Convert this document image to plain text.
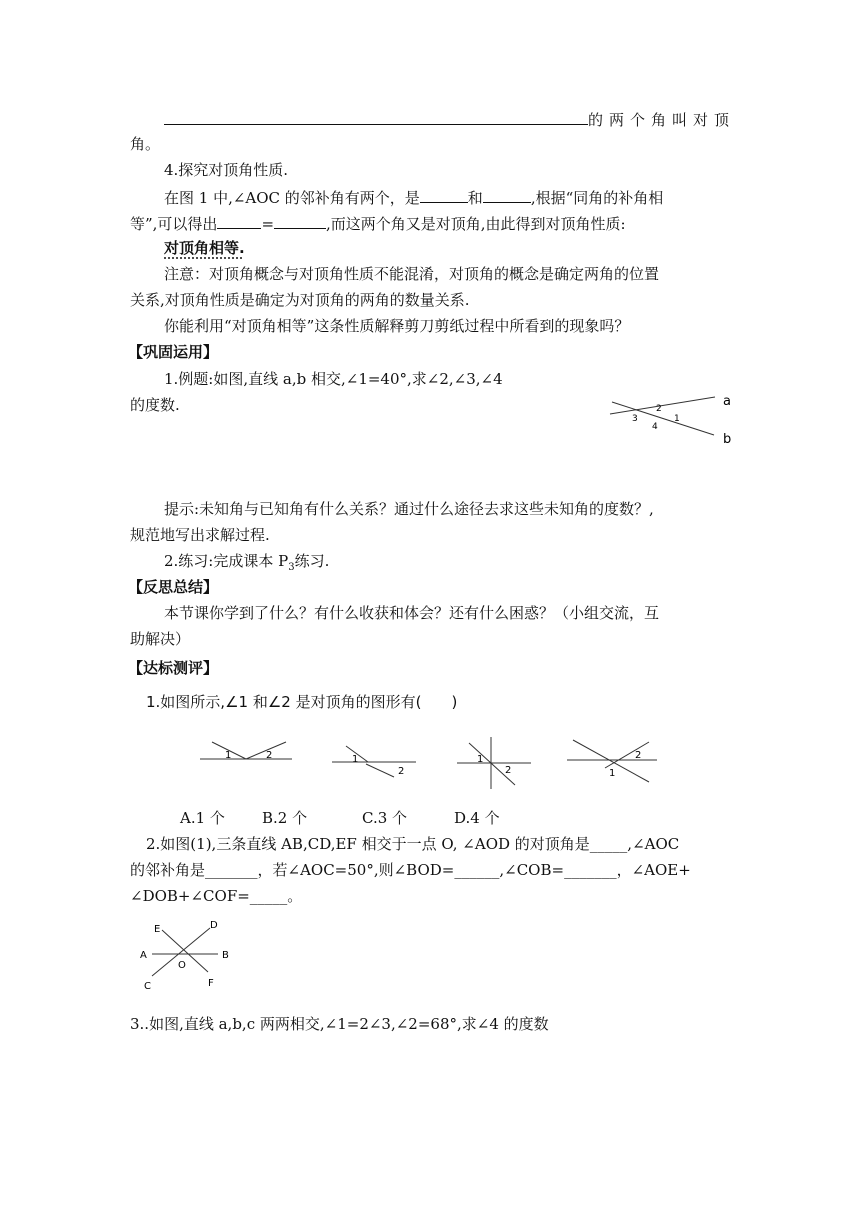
的两个角叫对顶
角。
4.探究对顶角性质.
在图 1 中,∠AOC 的邻补角有两个，是	和	,根据“同角的补角相
等”,可以得出	=	,而这两个角又是对顶角,由此得到对顶角性质:
对顶角相等.
注意：对顶角概念与对顶角性质不能混淆，对顶角的概念是确定两角的位置
关系,对顶角性质是确定为对顶角的两角的数量关系.
你能利用“对顶角相等”这条性质解释剪刀剪纸过程中所看到的现象吗？
【巩固运用】
1.例题:如图,直线 a,b 相交,∠1=40°,求∠2,∠3,∠4
的度数.	a
b
2
3	1
4
提示:未知角与已知角有什么关系？通过什么途径去求这些未知角的度数？,
规范地写出求解过程.
2.练习:完成课本 $P_3$练习.
【反思总结】
本节课你学到了什么？有什么收获和体会？还有什么困惑？（小组交流，互
助解决）
【达标测评】
1.如图所示,∠1 和∠2 是对顶角的图形有(　　)
1	2	1
2
1
2
2
1
A.1 个 B.2 个	C.3 个	D.4 个
2.如图(1),三条直线 AB,CD,EF 相交于一点 O, ∠AOD 的对顶角是_____,∠AOC
的邻补角是_______，若∠AOC=50°,则∠BOD=______,∠COB=_______，∠AOE+
∠DOB+∠COF=_____。
A	B
C
D
E
F
O
3..如图,直线 a,b,c 两两相交,∠1=2∠3,∠2=68°,求∠4 的度数
